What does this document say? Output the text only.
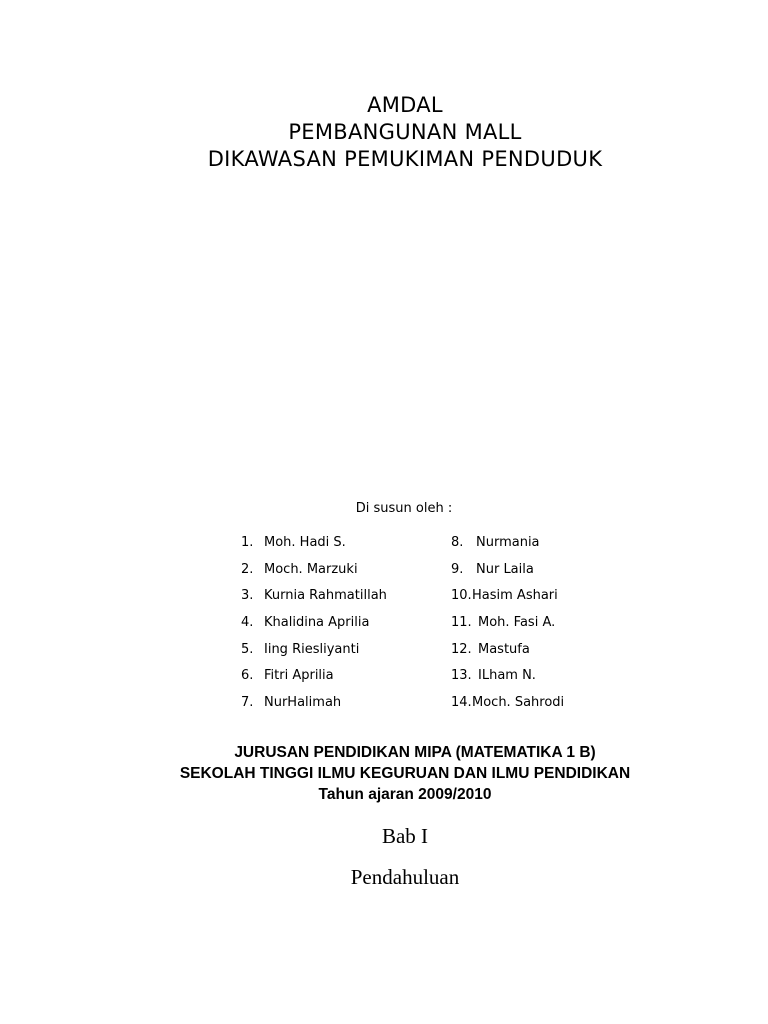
AMDAL
PEMBANGUNAN MALL
DIKAWASAN PEMUKIMAN PENDUDUK
Di susun oleh :
1. Moh. Hadi S.
2. Moch. Marzuki
3. Kurnia Rahmatillah
4. Khalidina Aprilia
5. Iing Riesliyanti
6. Fitri Aprilia
7. NurHalimah
8. Nurmania
9. Nur Laila
10.Hasim Ashari
11. Moh. Fasi A.
12. Mastufa
13. ILham N.
14.Moch. Sahrodi
JURUSAN PENDIDIKAN MIPA (MATEMATIKA 1 B)
SEKOLAH TINGGI ILMU KEGURUAN DAN ILMU PENDIDIKAN
Tahun ajaran 2009/2010
Bab I
Pendahuluan
